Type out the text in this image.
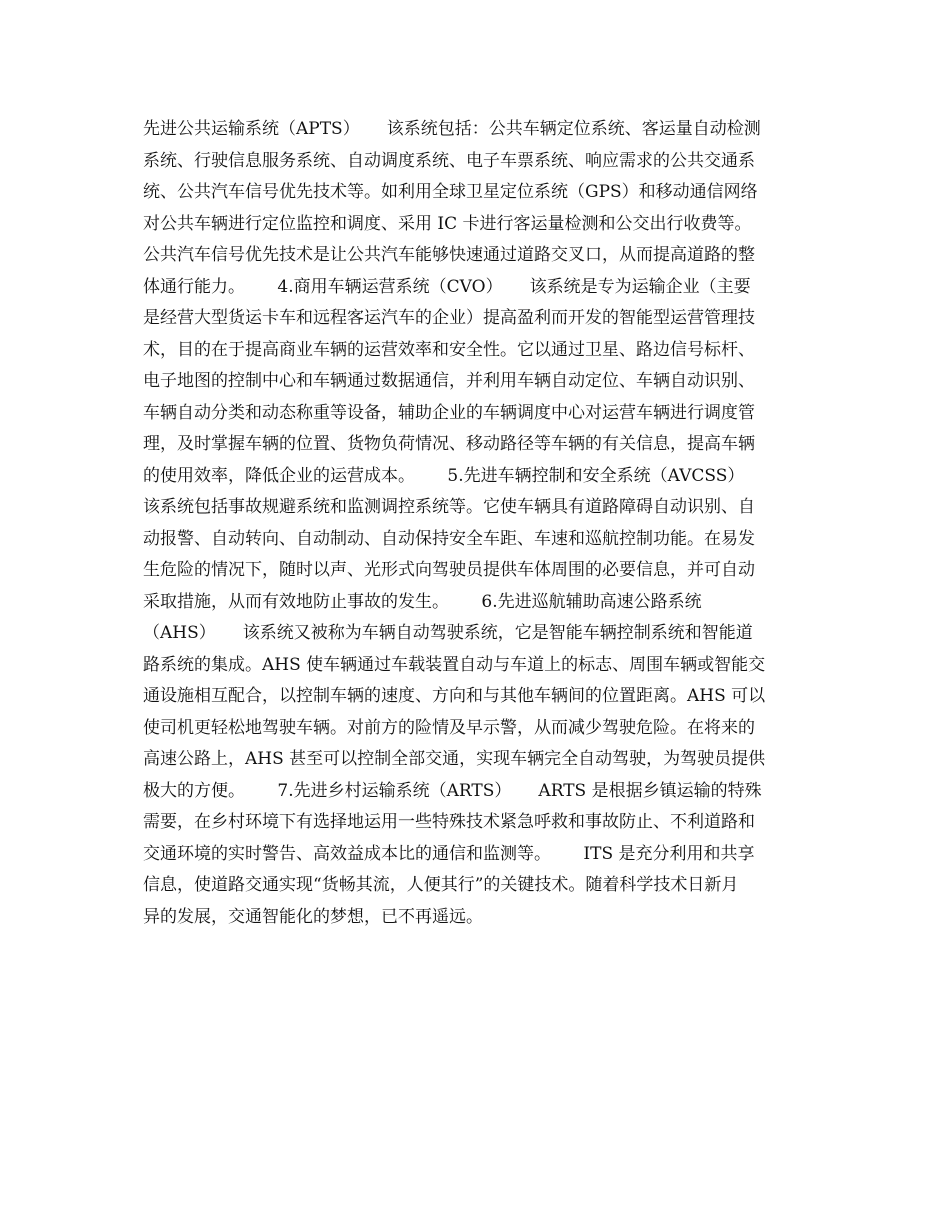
先进公共运输系统（APTS）     该系统包括：公共车辆定位系统、客运量自动检测
系统、行驶信息服务系统、自动调度系统、电子车票系统、响应需求的公共交通系
统、公共汽车信号优先技术等。如利用全球卫星定位系统（GPS）和移动通信网络
对公共车辆进行定位监控和调度、采用 IC 卡进行客运量检测和公交出行收费等。
公共汽车信号优先技术是让公共汽车能够快速通过道路交叉口，从而提高道路的整
体通行能力。      4.商用车辆运营系统（CVO）     该系统是专为运输企业（主要
是经营大型货运卡车和远程客运汽车的企业）提高盈利而开发的智能型运营管理技
术，目的在于提高商业车辆的运营效率和安全性。它以通过卫星、路边信号标杆、
电子地图的控制中心和车辆通过数据通信，并利用车辆自动定位、车辆自动识别、
车辆自动分类和动态称重等设备，辅助企业的车辆调度中心对运营车辆进行调度管
理，及时掌握车辆的位置、货物负荷情况、移动路径等车辆的有关信息，提高车辆
的使用效率，降低企业的运营成本。      5.先进车辆控制和安全系统（AVCSS）
该系统包括事故规避系统和监测调控系统等。它使车辆具有道路障碍自动识别、自
动报警、自动转向、自动制动、自动保持安全车距、车速和巡航控制功能。在易发
生危险的情况下，随时以声、光形式向驾驶员提供车体周围的必要信息，并可自动
采取措施，从而有效地防止事故的发生。      6.先进巡航辅助高速公路系统
（AHS）     该系统又被称为车辆自动驾驶系统，它是智能车辆控制系统和智能道
路系统的集成。AHS 使车辆通过车载装置自动与车道上的标志、周围车辆或智能交
通设施相互配合，以控制车辆的速度、方向和与其他车辆间的位置距离。AHS 可以
使司机更轻松地驾驶车辆。对前方的险情及早示警，从而减少驾驶危险。在将来的
高速公路上，AHS 甚至可以控制全部交通，实现车辆完全自动驾驶，为驾驶员提供
极大的方便。      7.先进乡村运输系统（ARTS）     ARTS 是根据乡镇运输的特殊
需要，在乡村环境下有选择地运用一些特殊技术紧急呼救和事故防止、不利道路和
交通环境的实时警告、高效益成本比的通信和监测等。      ITS 是充分利用和共享
信息，使道路交通实现“货畅其流，人便其行”的关键技术。随着科学技术日新月
异的发展，交通智能化的梦想，已不再遥远。
